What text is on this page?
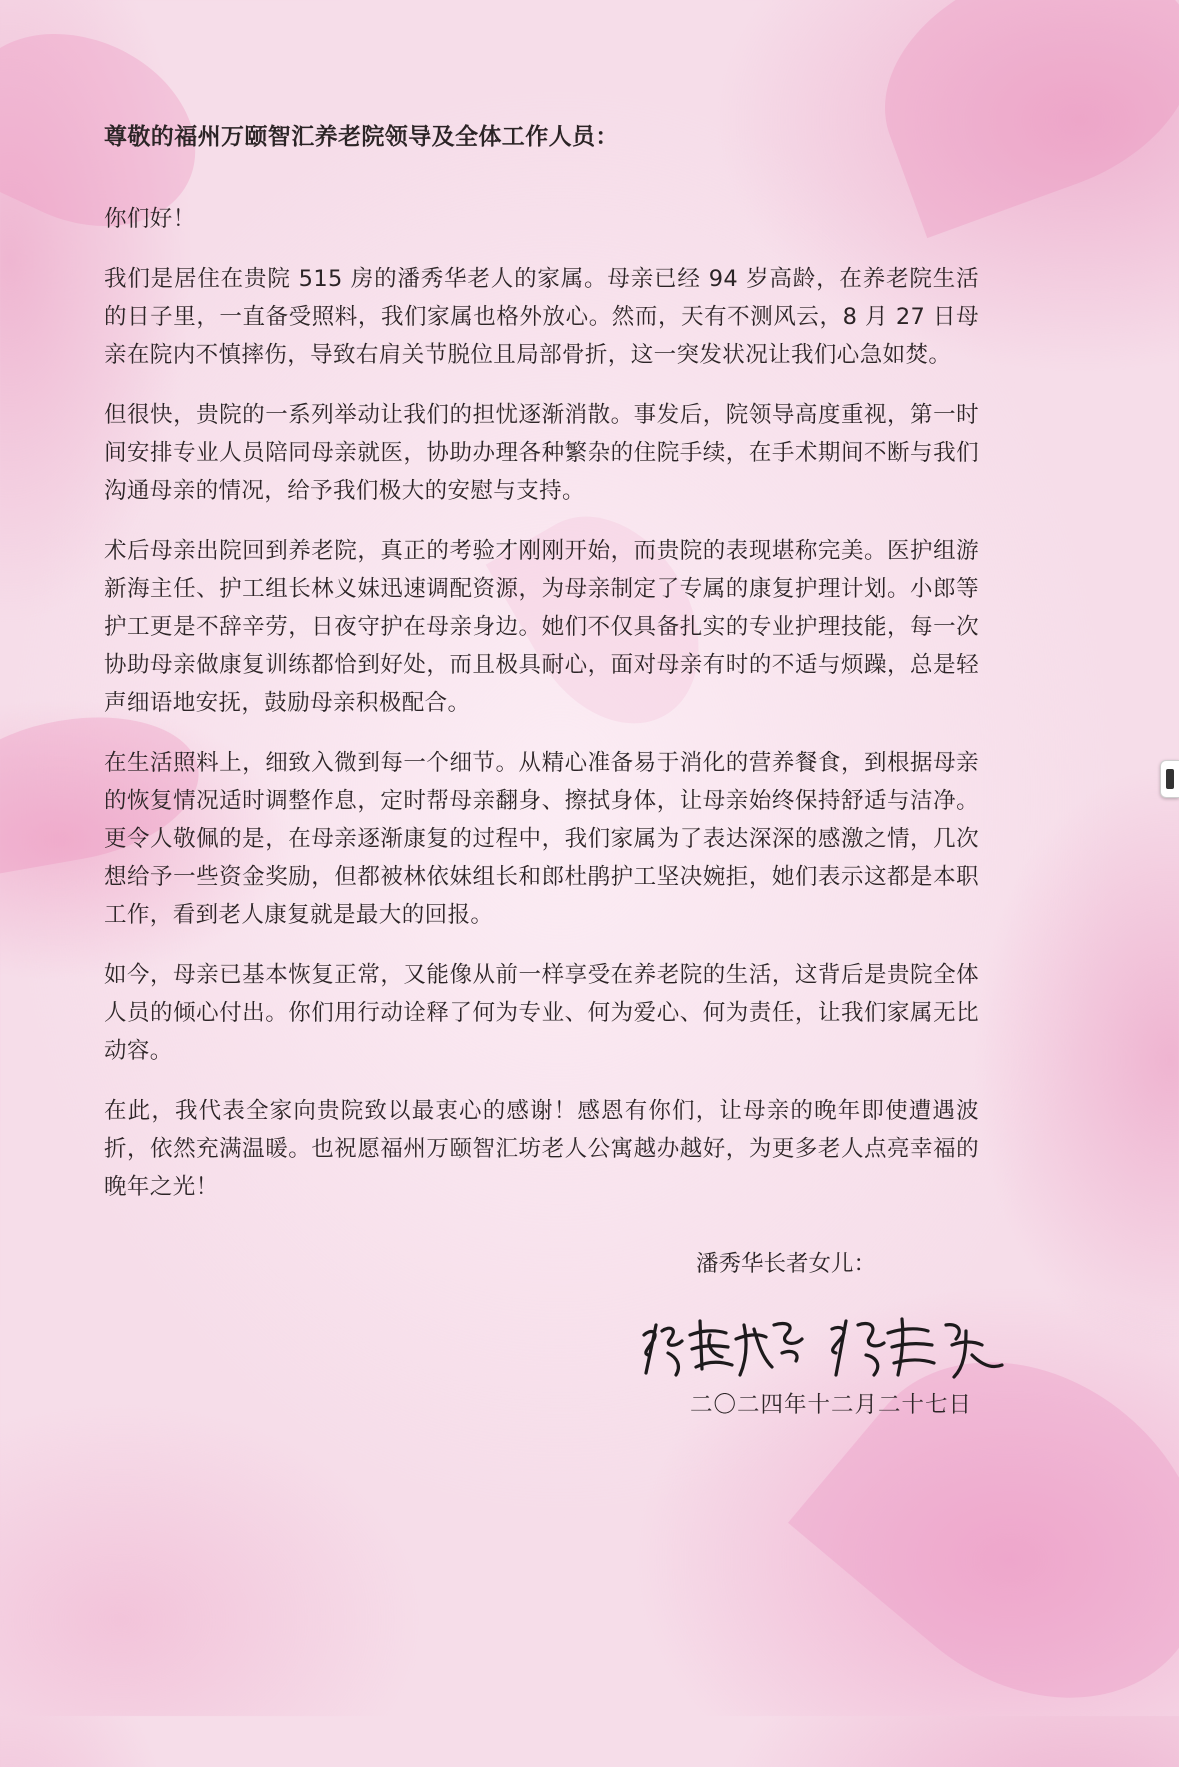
尊敬的福州万颐智汇养老院领导及全体工作人员：

你们好！

我们是居住在贵院 515 房的潘秀华老人的家属。母亲已经 94 岁高龄，在养老院生活的日子里，一直备受照料，我们家属也格外放心。然而，天有不测风云，8 月 27 日母亲在院内不慎摔伤，导致右肩关节脱位且局部骨折，这一突发状况让我们心急如焚。

但很快，贵院的一系列举动让我们的担忧逐渐消散。事发后，院领导高度重视，第一时间安排专业人员陪同母亲就医，协助办理各种繁杂的住院手续，在手术期间不断与我们沟通母亲的情况，给予我们极大的安慰与支持。

术后母亲出院回到养老院，真正的考验才刚刚开始，而贵院的表现堪称完美。医护组游新海主任、护工组长林义妹迅速调配资源，为母亲制定了专属的康复护理计划。小郎等护工更是不辞辛劳，日夜守护在母亲身边。她们不仅具备扎实的专业护理技能，每一次协助母亲做康复训练都恰到好处，而且极具耐心，面对母亲有时的不适与烦躁，总是轻声细语地安抚，鼓励母亲积极配合。

在生活照料上，细致入微到每一个细节。从精心准备易于消化的营养餐食，到根据母亲的恢复情况适时调整作息，定时帮母亲翻身、擦拭身体，让母亲始终保持舒适与洁净。更令人敬佩的是，在母亲逐渐康复的过程中，我们家属为了表达深深的感激之情，几次想给予一些资金奖励，但都被林依妹组长和郎杜鹃护工坚决婉拒，她们表示这都是本职工作，看到老人康复就是最大的回报。

如今，母亲已基本恢复正常，又能像从前一样享受在养老院的生活，这背后是贵院全体人员的倾心付出。你们用行动诠释了何为专业、何为爱心、何为责任，让我们家属无比动容。

在此，我代表全家向贵院致以最衷心的感谢！感恩有你们，让母亲的晚年即使遭遇波折，依然充满温暖。也祝愿福州万颐智汇坊老人公寓越办越好，为更多老人点亮幸福的晚年之光！

潘秀华长者女儿：
张春梅 张春光
二〇二四年十二月二十七日
